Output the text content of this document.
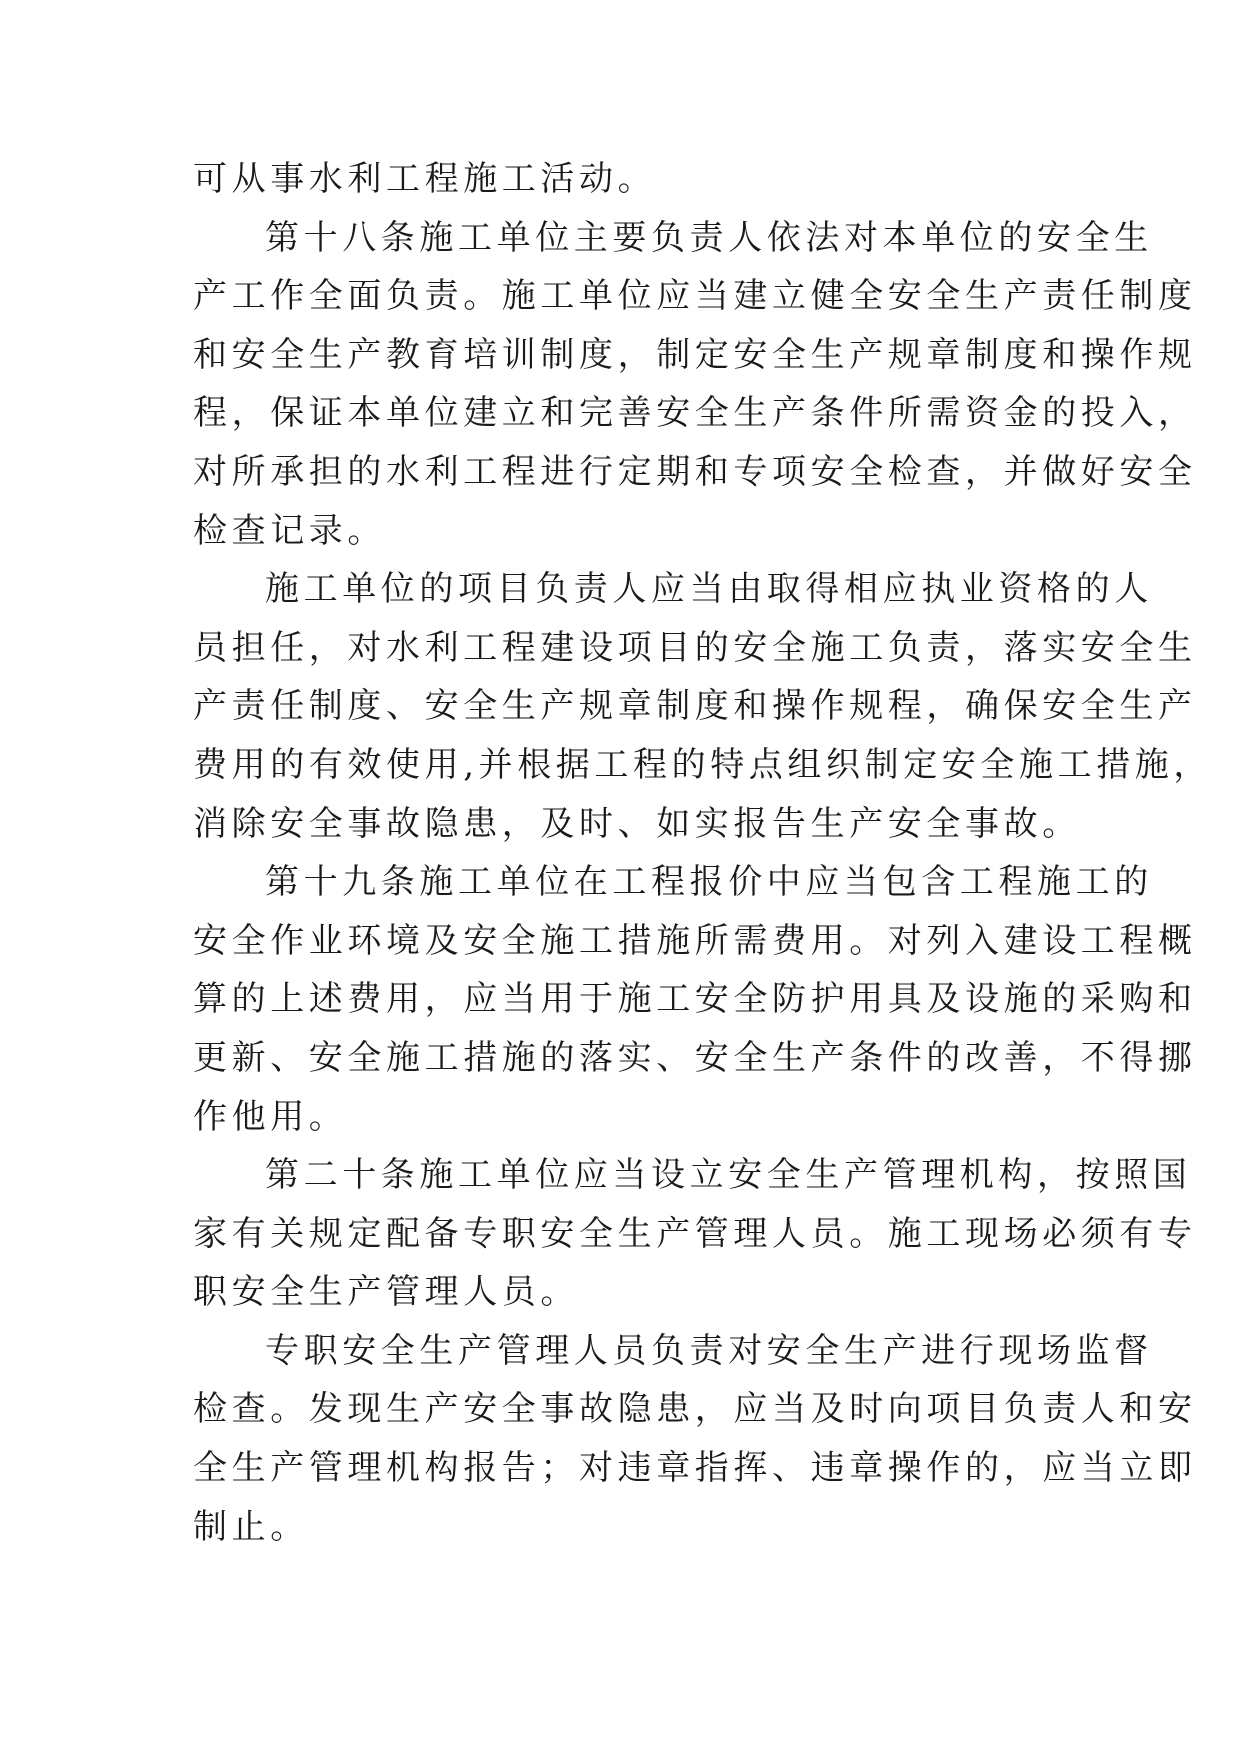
可从事水利工程施工活动。
第十八条施工单位主要负责人依法对本单位的安全生
产工作全面负责。施工单位应当建立健全安全生产责任制度
和安全生产教育培训制度，制定安全生产规章制度和操作规
程，保证本单位建立和完善安全生产条件所需资金的投入，
对所承担的水利工程进行定期和专项安全检查，并做好安全
检查记录。
施工单位的项目负责人应当由取得相应执业资格的人
员担任，对水利工程建设项目的安全施工负责，落实安全生
产责任制度、安全生产规章制度和操作规程，确保安全生产
费用的有效使用,并根据工程的特点组织制定安全施工措施，
消除安全事故隐患，及时、如实报告生产安全事故。
第十九条施工单位在工程报价中应当包含工程施工的
安全作业环境及安全施工措施所需费用。对列入建设工程概
算的上述费用，应当用于施工安全防护用具及设施的采购和
更新、安全施工措施的落实、安全生产条件的改善，不得挪
作他用。
第二十条施工单位应当设立安全生产管理机构，按照国
家有关规定配备专职安全生产管理人员。施工现场必须有专
职安全生产管理人员。
专职安全生产管理人员负责对安全生产进行现场监督
检查。发现生产安全事故隐患，应当及时向项目负责人和安
全生产管理机构报告；对违章指挥、违章操作的，应当立即
制止。
